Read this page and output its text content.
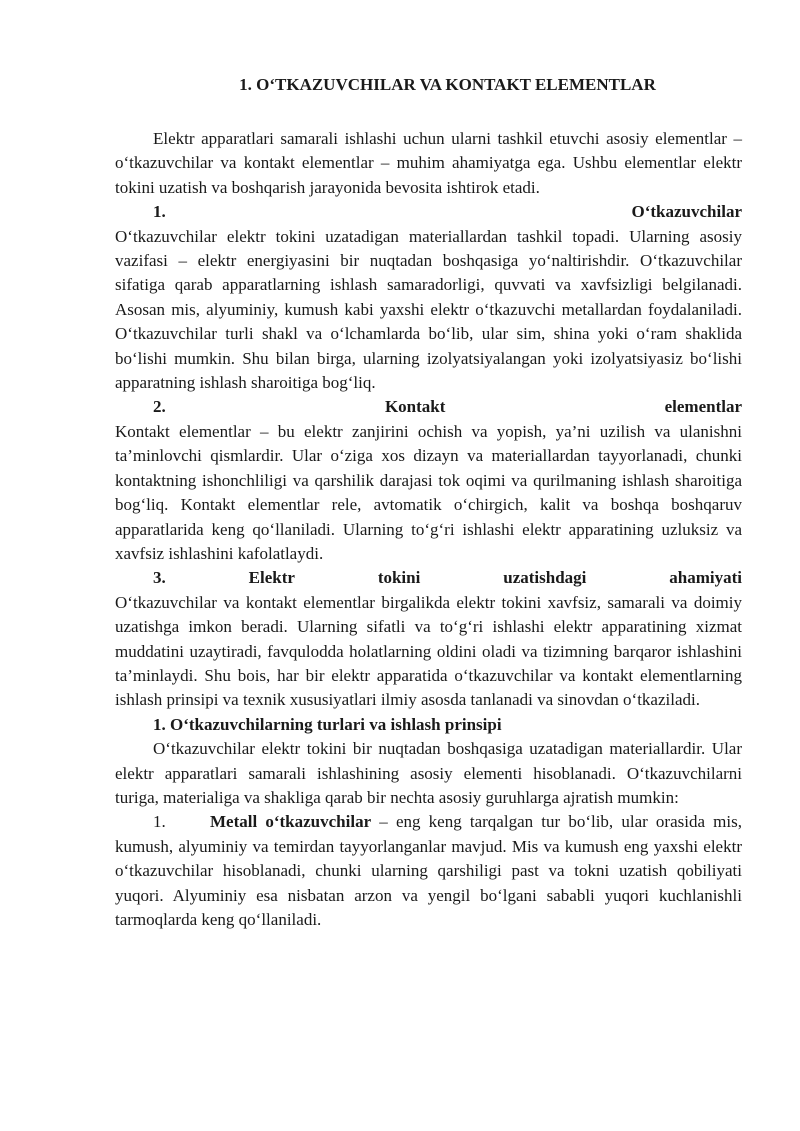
1. O‘TKAZUVCHILAR VA KONTAKT ELEMENTLAR

Elektr apparatlari samarali ishlashi uchun ularni tashkil etuvchi asosiy elementlar – o‘tkazuvchilar va kontakt elementlar – muhim ahamiyatga ega. Ushbu elementlar elektr tokini uzatish va boshqarish jarayonida bevosita ishtirok etadi.

1.	O‘tkazuvchilar

O‘tkazuvchilar elektr tokini uzatadigan materiallardan tashkil topadi. Ularning asosiy vazifasi – elektr energiyasini bir nuqtadan boshqasiga yo‘naltirishdir. O‘tkazuvchilar sifatiga qarab apparatlarning ishlash samaradorligi, quvvati va xavfsizligi belgilanadi. Asosan mis, alyuminiy, kumush kabi yaxshi elektr o‘tkazuvchi metallardan foydalaniladi. O‘tkazuvchilar turli shakl va o‘lchamlarda bo‘lib, ular sim, shina yoki o‘ram shaklida bo‘lishi mumkin. Shu bilan birga, ularning izolyatsiyalangan yoki izolyatsiyasiz bo‘lishi apparatning ishlash sharoitiga bog‘liq.

2.	Kontakt	elementlar

Kontakt elementlar – bu elektr zanjirini ochish va yopish, ya’ni uzilish va ulanishni ta’minlovchi qismlardir. Ular o‘ziga xos dizayn va materiallardan tayyorlanadi, chunki kontaktning ishonchliligi va qarshilik darajasi tok oqimi va qurilmaning ishlash sharoitiga bog‘liq. Kontakt elementlar rele, avtomatik o‘chirgich, kalit va boshqa boshqaruv apparatlarida keng qo‘llaniladi. Ularning to‘g‘ri ishlashi elektr apparatining uzluksiz va xavfsiz ishlashini kafolatlaydi.

3.	Elektr	tokini	uzatishdagi	ahamiyati

O‘tkazuvchilar va kontakt elementlar birgalikda elektr tokini xavfsiz, samarali va doimiy uzatishga imkon beradi. Ularning sifatli va to‘g‘ri ishlashi elektr apparatining xizmat muddatini uzaytiradi, favqulodda holatlarning oldini oladi va tizimning barqaror ishlashini ta’minlaydi. Shu bois, har bir elektr apparatida o‘tkazuvchilar va kontakt elementlarning ishlash prinsipi va texnik xususiyatlari ilmiy asosda tanlanadi va sinovdan o‘tkaziladi.

1. O‘tkazuvchilarning turlari va ishlash prinsipi

O‘tkazuvchilar elektr tokini bir nuqtadan boshqasiga uzatadigan materiallardir. Ular elektr apparatlari samarali ishlashining asosiy elementi hisoblanadi. O‘tkazuvchilarni turiga, materialiga va shakliga qarab bir nechta asosiy guruhlarga ajratish mumkin:

1.	Metall o‘tkazuvchilar – eng keng tarqalgan tur bo‘lib, ular orasida mis, kumush, alyuminiy va temirdan tayyorlanganlar mavjud. Mis va kumush eng yaxshi elektr o‘tkazuvchilar hisoblanadi, chunki ularning qarshiligi past va tokni uzatish qobiliyati yuqori. Alyuminiy esa nisbatan arzon va yengil bo‘lgani sababli yuqori kuchlanishli tarmoqlarda keng qo‘llaniladi.
